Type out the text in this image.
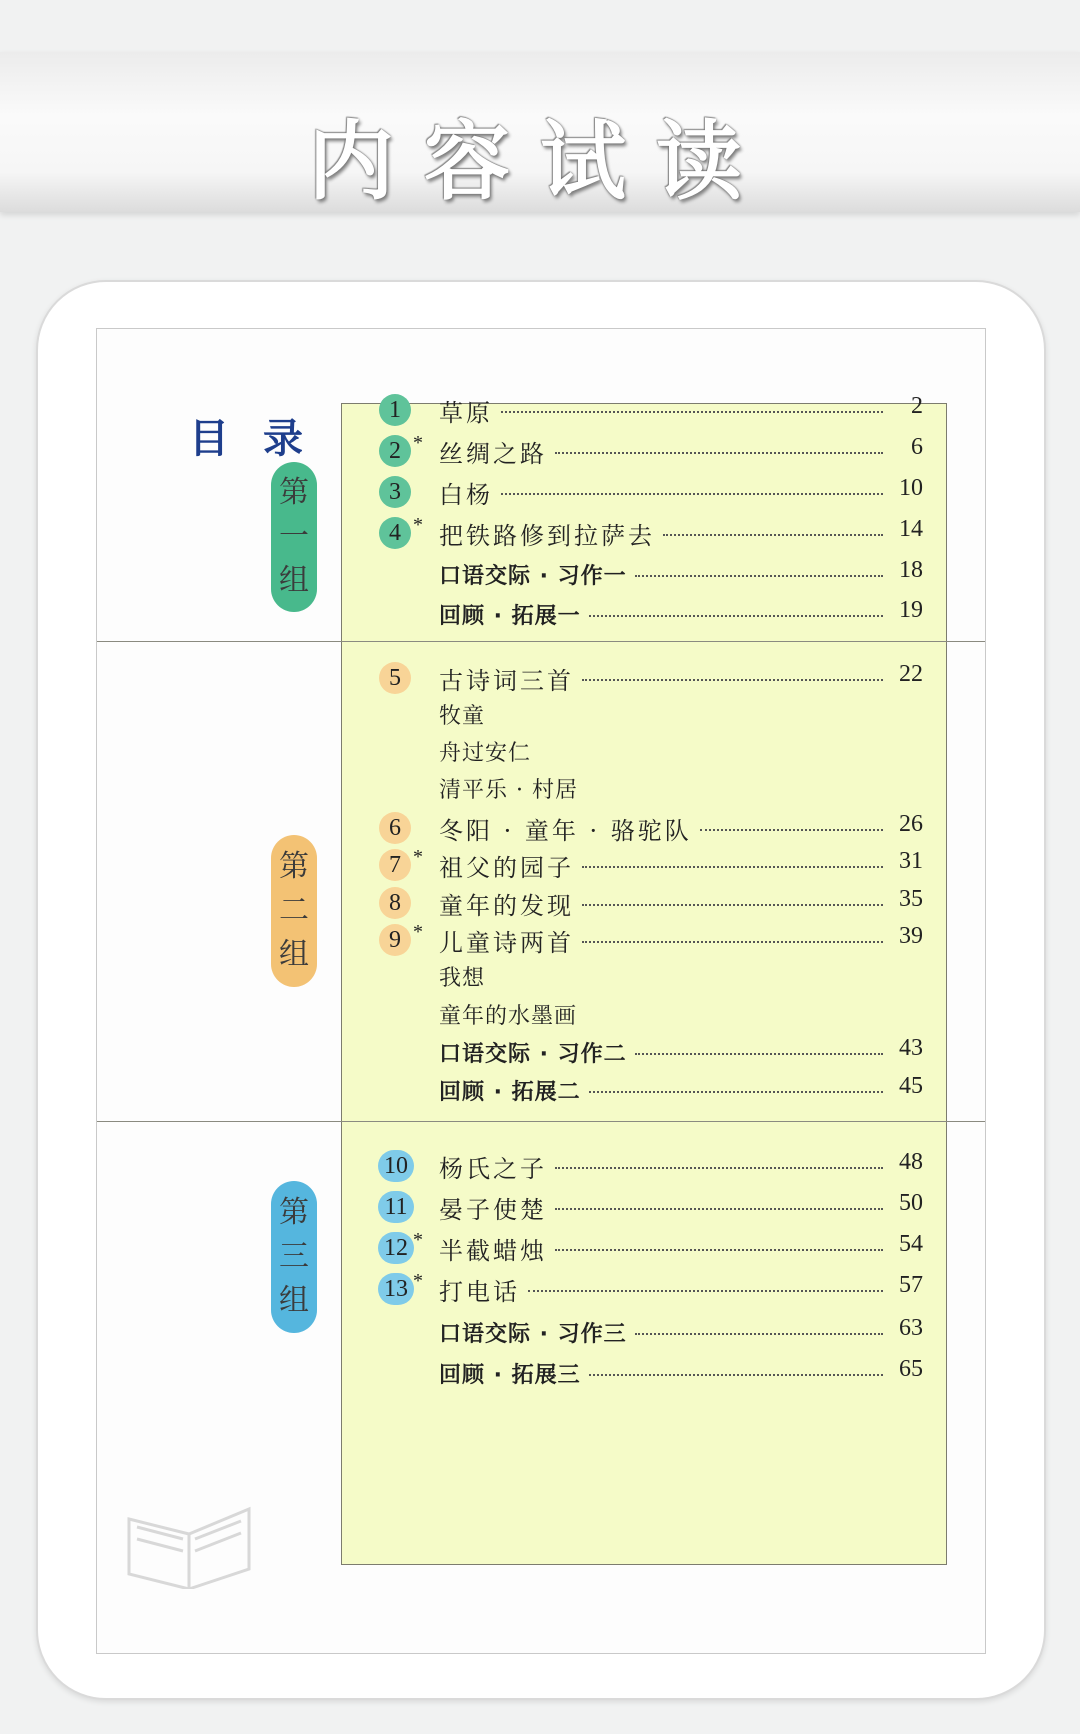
内容试读
目录
第
一
组
第
二
组
第
三
组
1	草原	2
2 * 丝绸之路	6
3	白杨	10
4 * 把铁路修到拉萨去	14
口语交际 · 习作一	18
回顾 · 拓展一	19
5	古诗词三首	22
牧童
舟过安仁
清平乐 · 村居
6	冬阳 · 童年 · 骆驼队	26
7 * 祖父的园子	31
8	童年的发现	35
9 * 儿童诗两首	39
我想
童年的水墨画
口语交际 · 习作二	43
回顾 · 拓展二	45
10 杨氏之子	48
11 晏子使楚	50
12 * 半截蜡烛	54
13 * 打电话	57
口语交际 · 习作三	63
回顾 · 拓展三	65
